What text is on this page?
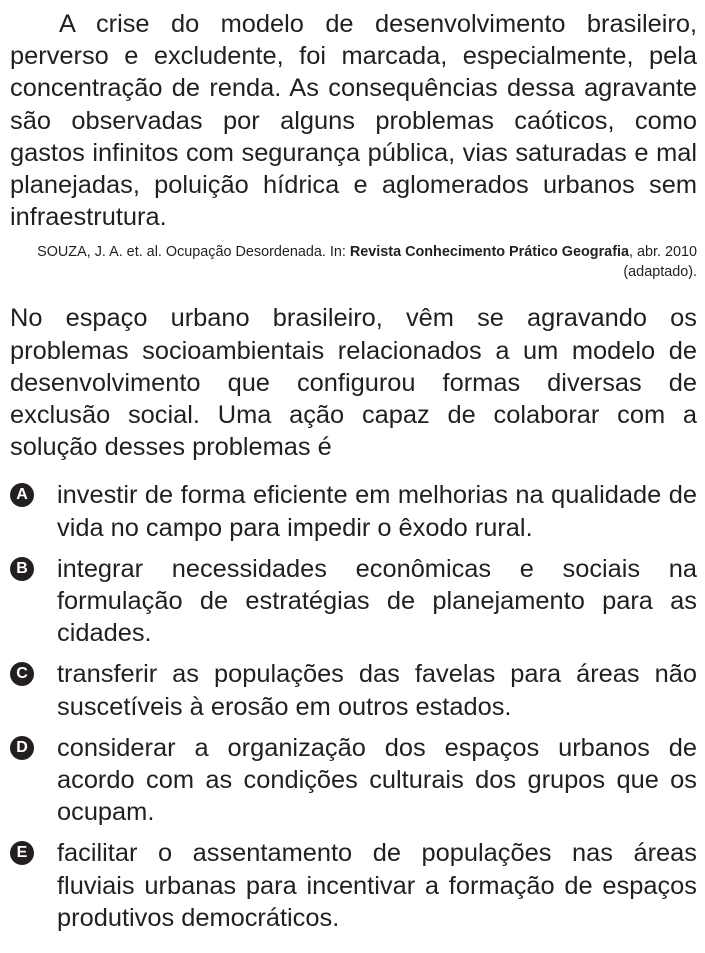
A crise do modelo de desenvolvimento brasileiro, perverso e excludente, foi marcada, especialmente, pela concentração de renda. As consequências dessa agravante são observadas por alguns problemas caóticos, como gastos infinitos com segurança pública, vias saturadas e mal planejadas, poluição hídrica e aglomerados urbanos sem infraestrutura.

SOUZA, J. A. et. al. Ocupação Desordenada. In: Revista Conhecimento Prático Geografia, abr. 2010 (adaptado).

No espaço urbano brasileiro, vêm se agravando os problemas socioambientais relacionados a um modelo de desenvolvimento que configurou formas diversas de exclusão social. Uma ação capaz de colaborar com a solução desses problemas é

A investir de forma eficiente em melhorias na qualidade de vida no campo para impedir o êxodo rural.
B integrar necessidades econômicas e sociais na formulação de estratégias de planejamento para as cidades.
C transferir as populações das favelas para áreas não suscetíveis à erosão em outros estados.
D considerar a organização dos espaços urbanos de acordo com as condições culturais dos grupos que os ocupam.
E facilitar o assentamento de populações nas áreas fluviais urbanas para incentivar a formação de espaços produtivos democráticos.
